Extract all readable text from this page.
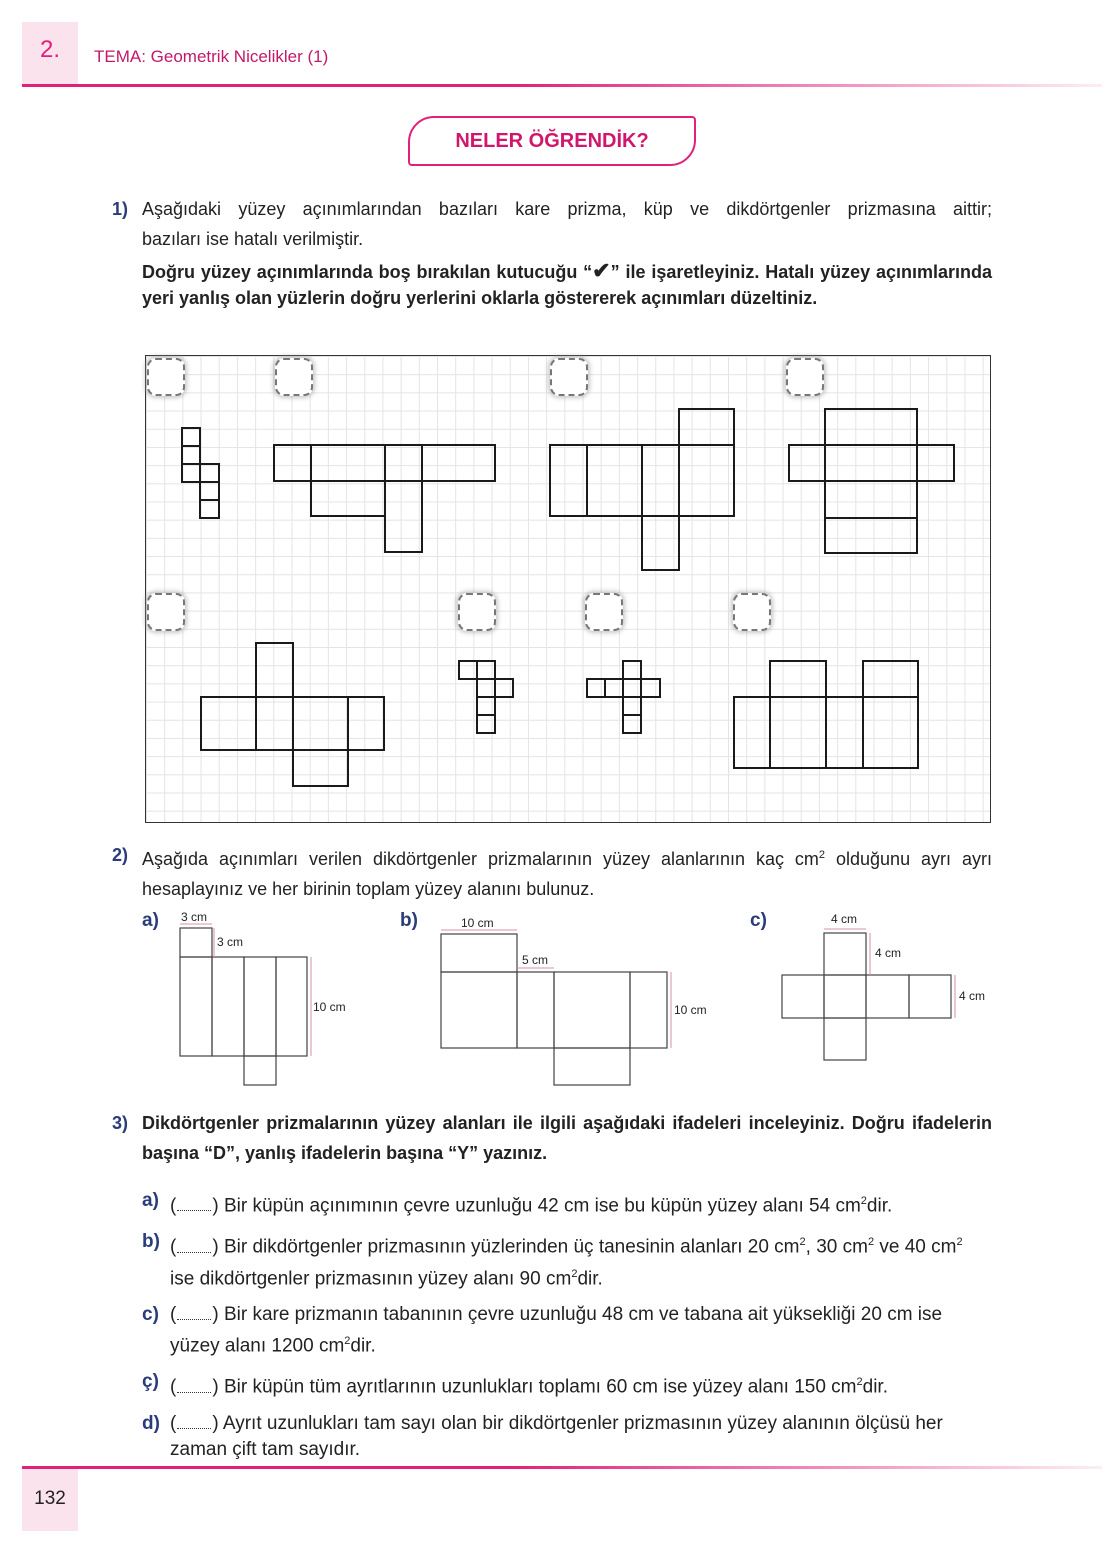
2.	TEMA: Geometrik Nicelikler (1)
NELER ÖĞRENDİK?
1) Aşağıdaki yüzey açınımlarından bazıları kare prizma, küp ve dikdörtgenler prizmasına aittir;
bazıları ise hatalı verilmiştir.
Doğru yüzey açınımlarında boş bırakılan kutucuğu “✔” ile işaretleyiniz. Hatalı yüzey açınımlarında yeri yanlış olan yüzlerin doğru yerlerini oklarla göstererek açınımları düzeltiniz.
2) Aşağıda açınımları verilen dikdörtgenler prizmalarının yüzey alanlarının kaç $cm^2$ olduğunu ayrı ayrı hesaplayınız ve her birinin toplam yüzey alanını bulunuz.
a)	b)	c)
3 cm
3 cm
10 cm
10 cm
5 cm
10 cm
4 cm
4 cm
4 cm
3) Dikdörtgenler prizmalarının yüzey alanları ile ilgili aşağıdaki ifadeleri inceleyiniz. Doğru ifadelerin başına “D”, yanlış ifadelerin başına “Y” yazınız.
a) ( ) Bir küpün açınımının çevre uzunluğu 42 cm ise bu küpün yüzey alanı 54 $cm^2dir$.
b) ( ) Bir dikdörtgenler prizmasının yüzlerinden üç tanesinin alanları 20 $cm^2$, 30 $cm^2$ ve 40 $cm^2$ ise dikdörtgenler prizmasının yüzey alanı 90 $cm^2dir$.
c) ( ) Bir kare prizmanın tabanının çevre uzunluğu 48 cm ve tabana ait yüksekliği 20 cm ise yüzey alanı 1200 $cm^2dir$.
ç) ( ) Bir küpün tüm ayrıtlarının uzunlukları toplamı 60 cm ise yüzey alanı 150 $cm^2dir$.
d) ( ) Ayrıt uzunlukları tam sayı olan bir dikdörtgenler prizmasının yüzey alanının ölçüsü her zaman çift tam sayıdır.
132
